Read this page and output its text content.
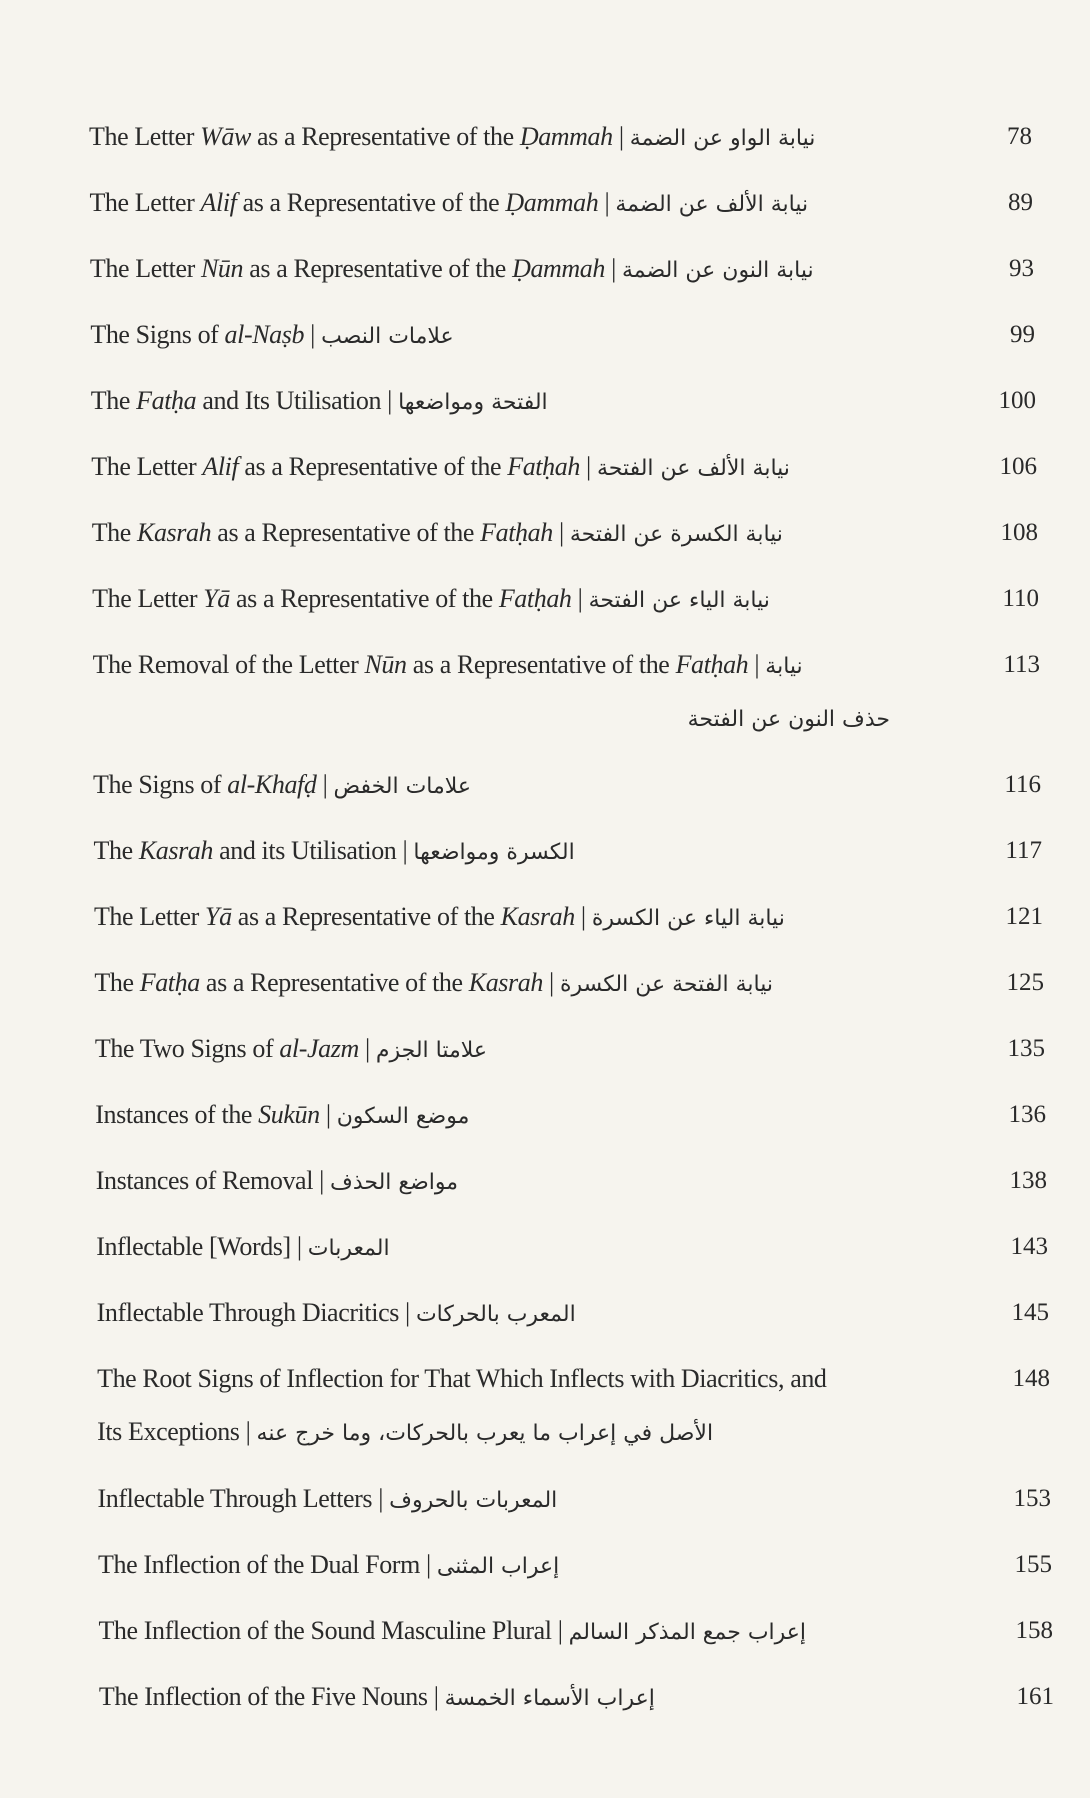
The Letter Wāw as a Representative of the Ḍammah | نيابة الواو عن الضمة	78
The Letter Alif as a Representative of the Ḍammah | نيابة الألف عن الضمة	89
The Letter Nūn as a Representative of the Ḍammah | نيابة النون عن الضمة	93
The Signs of al-Naṣb | علامات النصب	99
The Fatḥa and Its Utilisation | الفتحة ومواضعها	100
The Letter Alif as a Representative of the Fatḥah | نيابة الألف عن الفتحة	106
The Kasrah as a Representative of the Fatḥah | نيابة الكسرة عن الفتحة	108
The Letter Yā as a Representative of the Fatḥah | نيابة الياء عن الفتحة	110
The Removal of the Letter Nūn as a Representative of the Fatḥah | نيابة	113
حذف النون عن الفتحة
The Signs of al-Khafḍ | علامات الخفض	116
The Kasrah and its Utilisation | الكسرة ومواضعها	117
The Letter Yā as a Representative of the Kasrah | نيابة الياء عن الكسرة	121
The Fatḥa as a Representative of the Kasrah | نيابة الفتحة عن الكسرة	125
The Two Signs of al-Jazm | علامتا الجزم	135
Instances of the Sukūn | موضع السكون	136
Instances of Removal | مواضع الحذف	138
Inflectable [Words] | المعربات	143
Inflectable Through Diacritics | المعرب بالحركات	145
The Root Signs of Inflection for That Which Inflects with Diacritics, and	148
Its Exceptions | الأصل في إعراب ما يعرب بالحركات، وما خرج عنه
Inflectable Through Letters | المعربات بالحروف	153
The Inflection of the Dual Form | إعراب المثنى	155
The Inflection of the Sound Masculine Plural | إعراب جمع المذكر السالم	158
The Inflection of the Five Nouns | إعراب الأسماء الخمسة	161
